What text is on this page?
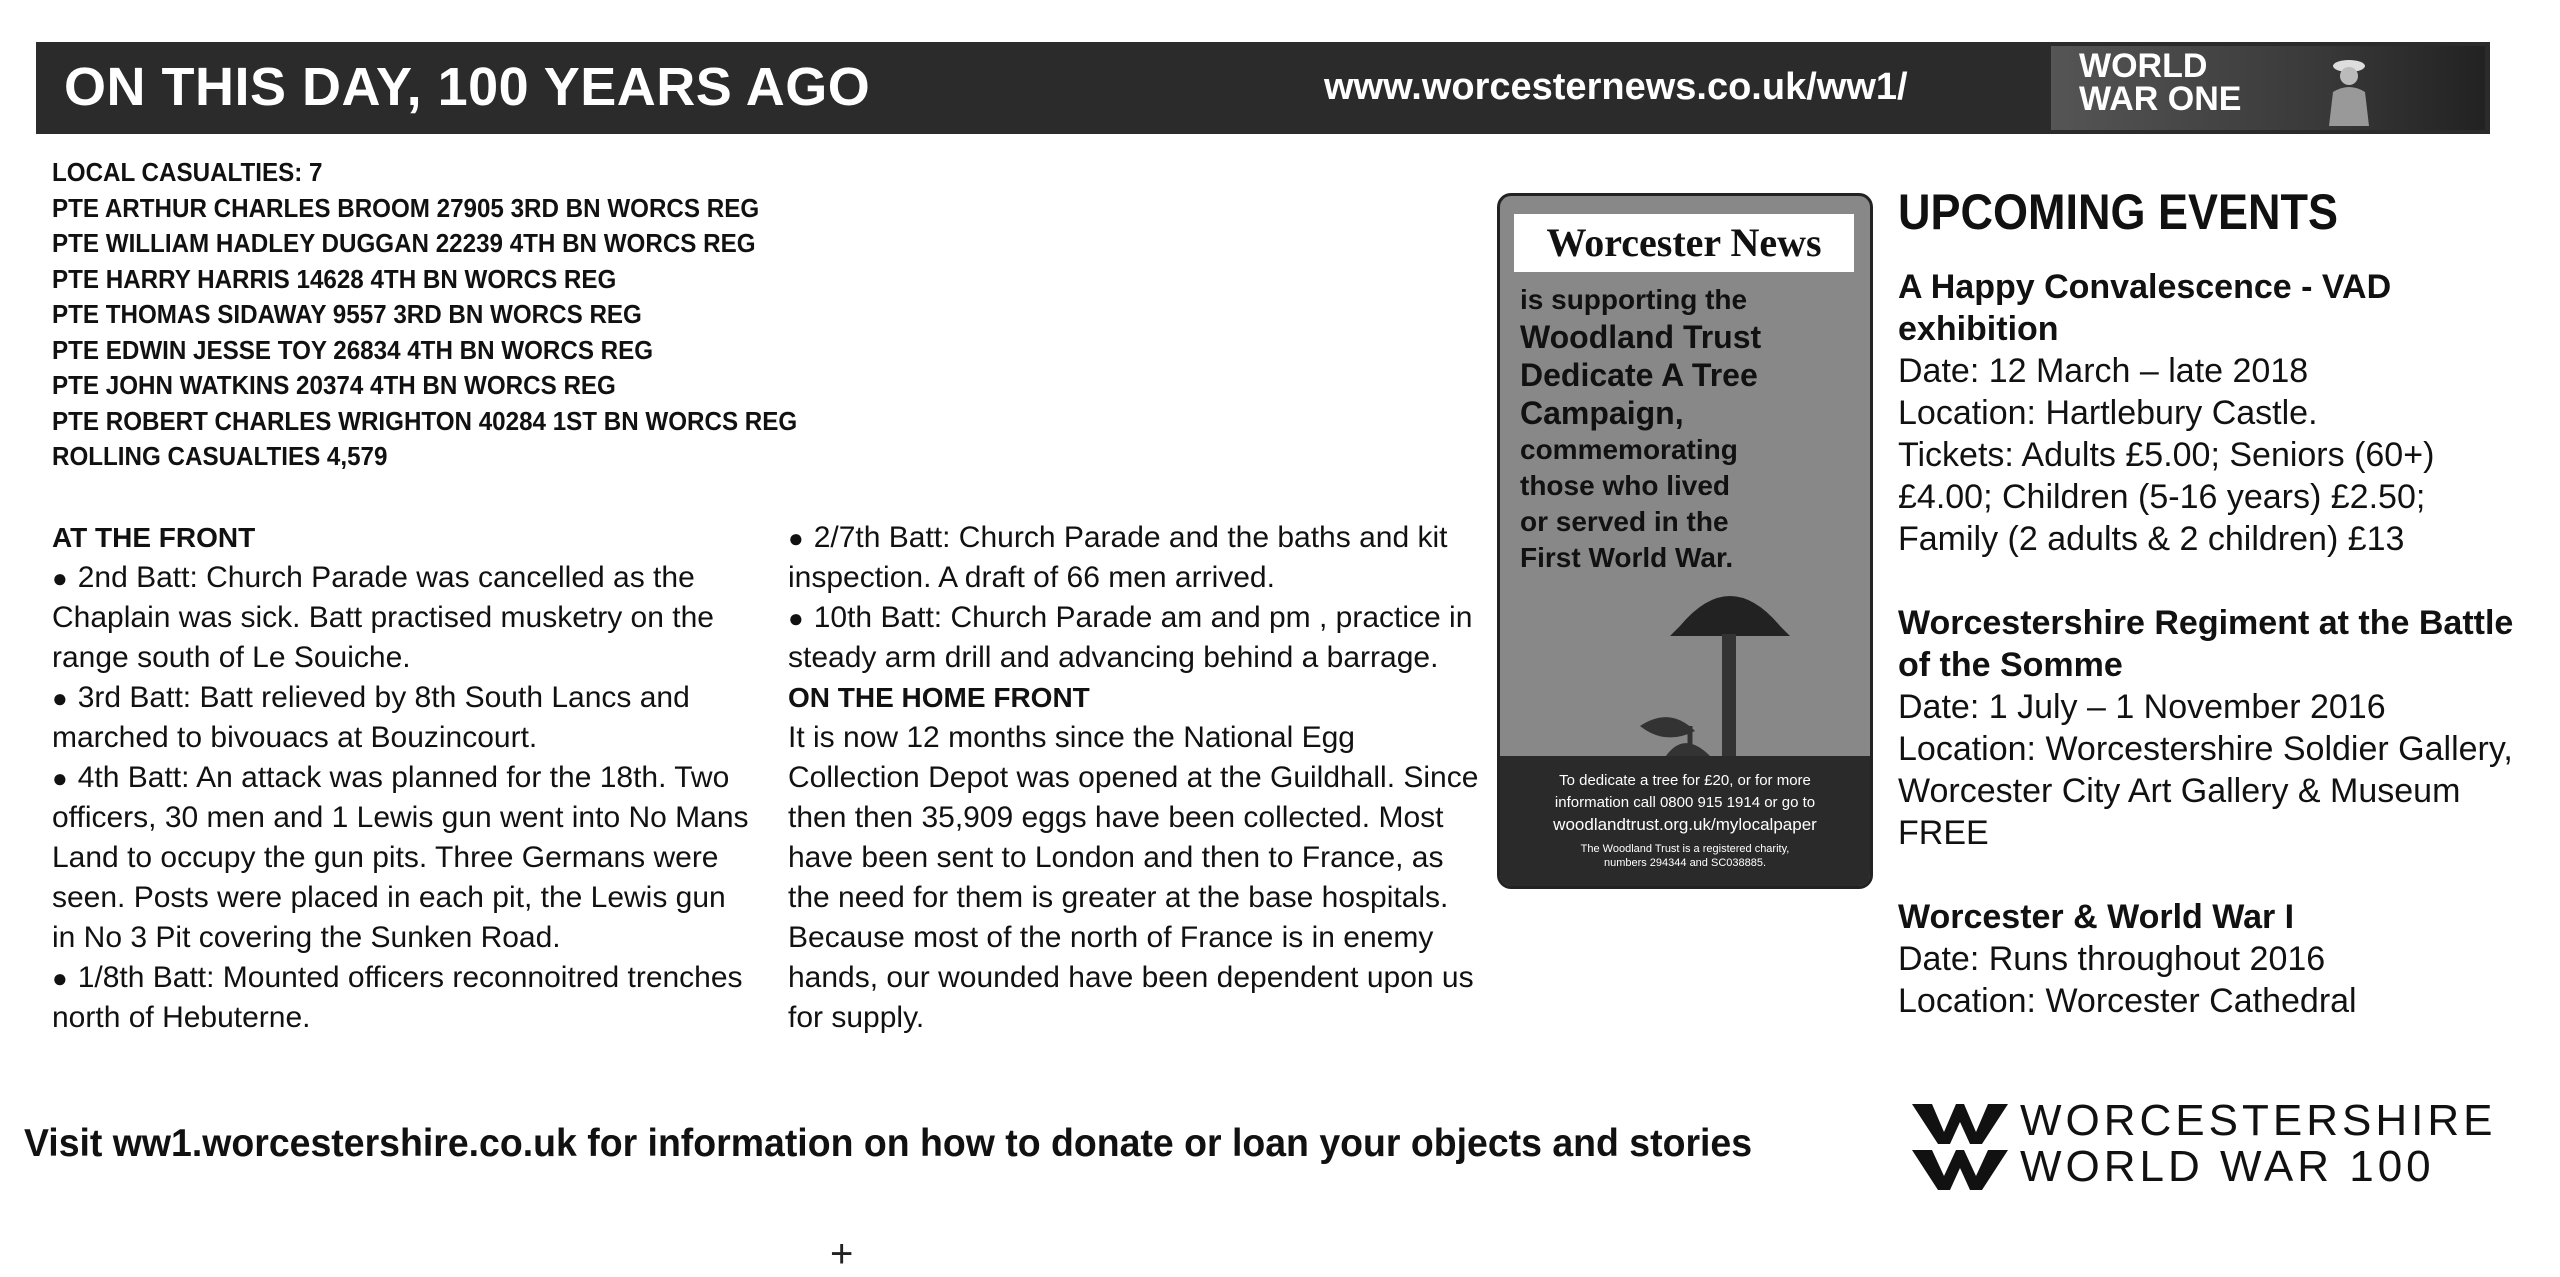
ON THIS DAY, 100 YEARS AGO	www.worcesternews.co.uk/ww1/	WORLD
WAR ONE
LOCAL CASUALTIES: 7
PTE ARTHUR CHARLES BROOM 27905 3RD BN WORCS REG
PTE WILLIAM HADLEY DUGGAN 22239 4TH BN WORCS REG
PTE HARRY HARRIS 14628 4TH BN WORCS REG
PTE THOMAS SIDAWAY 9557 3RD BN WORCS REG
PTE EDWIN JESSE TOY 26834 4TH BN WORCS REG
PTE JOHN WATKINS 20374 4TH BN WORCS REG
PTE ROBERT CHARLES WRIGHTON 40284 1ST BN WORCS REG
ROLLING CASUALTIES 4,579

AT THE FRONT

● 2nd Batt: Church Parade was cancelled as the Chaplain was sick. Batt practised musketry on the range south of Le Souiche.

● 3rd Batt: Batt relieved by 8th South Lancs and marched to bivouacs at Bouzincourt.

● 4th Batt: An attack was planned for the 18th. Two officers, 30 men and 1 Lewis gun went into No Mans Land to occupy the gun pits. Three Germans were seen. Posts were placed in each pit, the Lewis gun in No 3 Pit covering the Sunken Road.

● 1/8th Batt: Mounted officers reconnoitred trenches north of Hebuterne.

● 2/7th Batt: Church Parade and the baths and kit inspection. A draft of 66 men arrived.

● 10th Batt: Church Parade am and pm , practice in steady arm drill and advancing behind a barrage.

ON THE HOME FRONT

It is now 12 months since the National Egg Collection Depot was opened at the Guildhall. Since then then 35,909 eggs have been collected. Most have been sent to London and then to France, as the need for them is greater at the base hospitals. Because most of the north of France is in enemy hands, our wounded have been dependent upon us for supply.

Worcester News
is supporting the
Woodland Trust
Dedicate A Tree
Campaign,
commemorating
those who lived
or served in the
First World War.
To dedicate a tree for £20, or for more
information call 0800 915 1914 or go to
woodlandtrust.org.uk/mylocalpaper
The Woodland Trust is a registered charity,
numbers 294344 and SC038885.
UPCOMING EVENTS

A Happy Convalescence - VAD exhibition

Date: 12 March – late 2018

Location: Hartlebury Castle.

Tickets: Adults £5.00; Seniors (60+) £4.00; Children (5-16 years) £2.50; Family (2 adults & 2 children) £13

Worcestershire Regiment at the Battle of the Somme

Date: 1 July – 1 November 2016

Location: Worcestershire Soldier Gallery, Worcester City Art Gallery & Museum

FREE

Worcester & World War I

Date: Runs throughout 2016

Location: Worcester Cathedral

Visit ww1.worcestershire.co.uk for information on how to donate or loan your objects and stories	WORCESTERSHIRE
WORLD WAR 100
+
